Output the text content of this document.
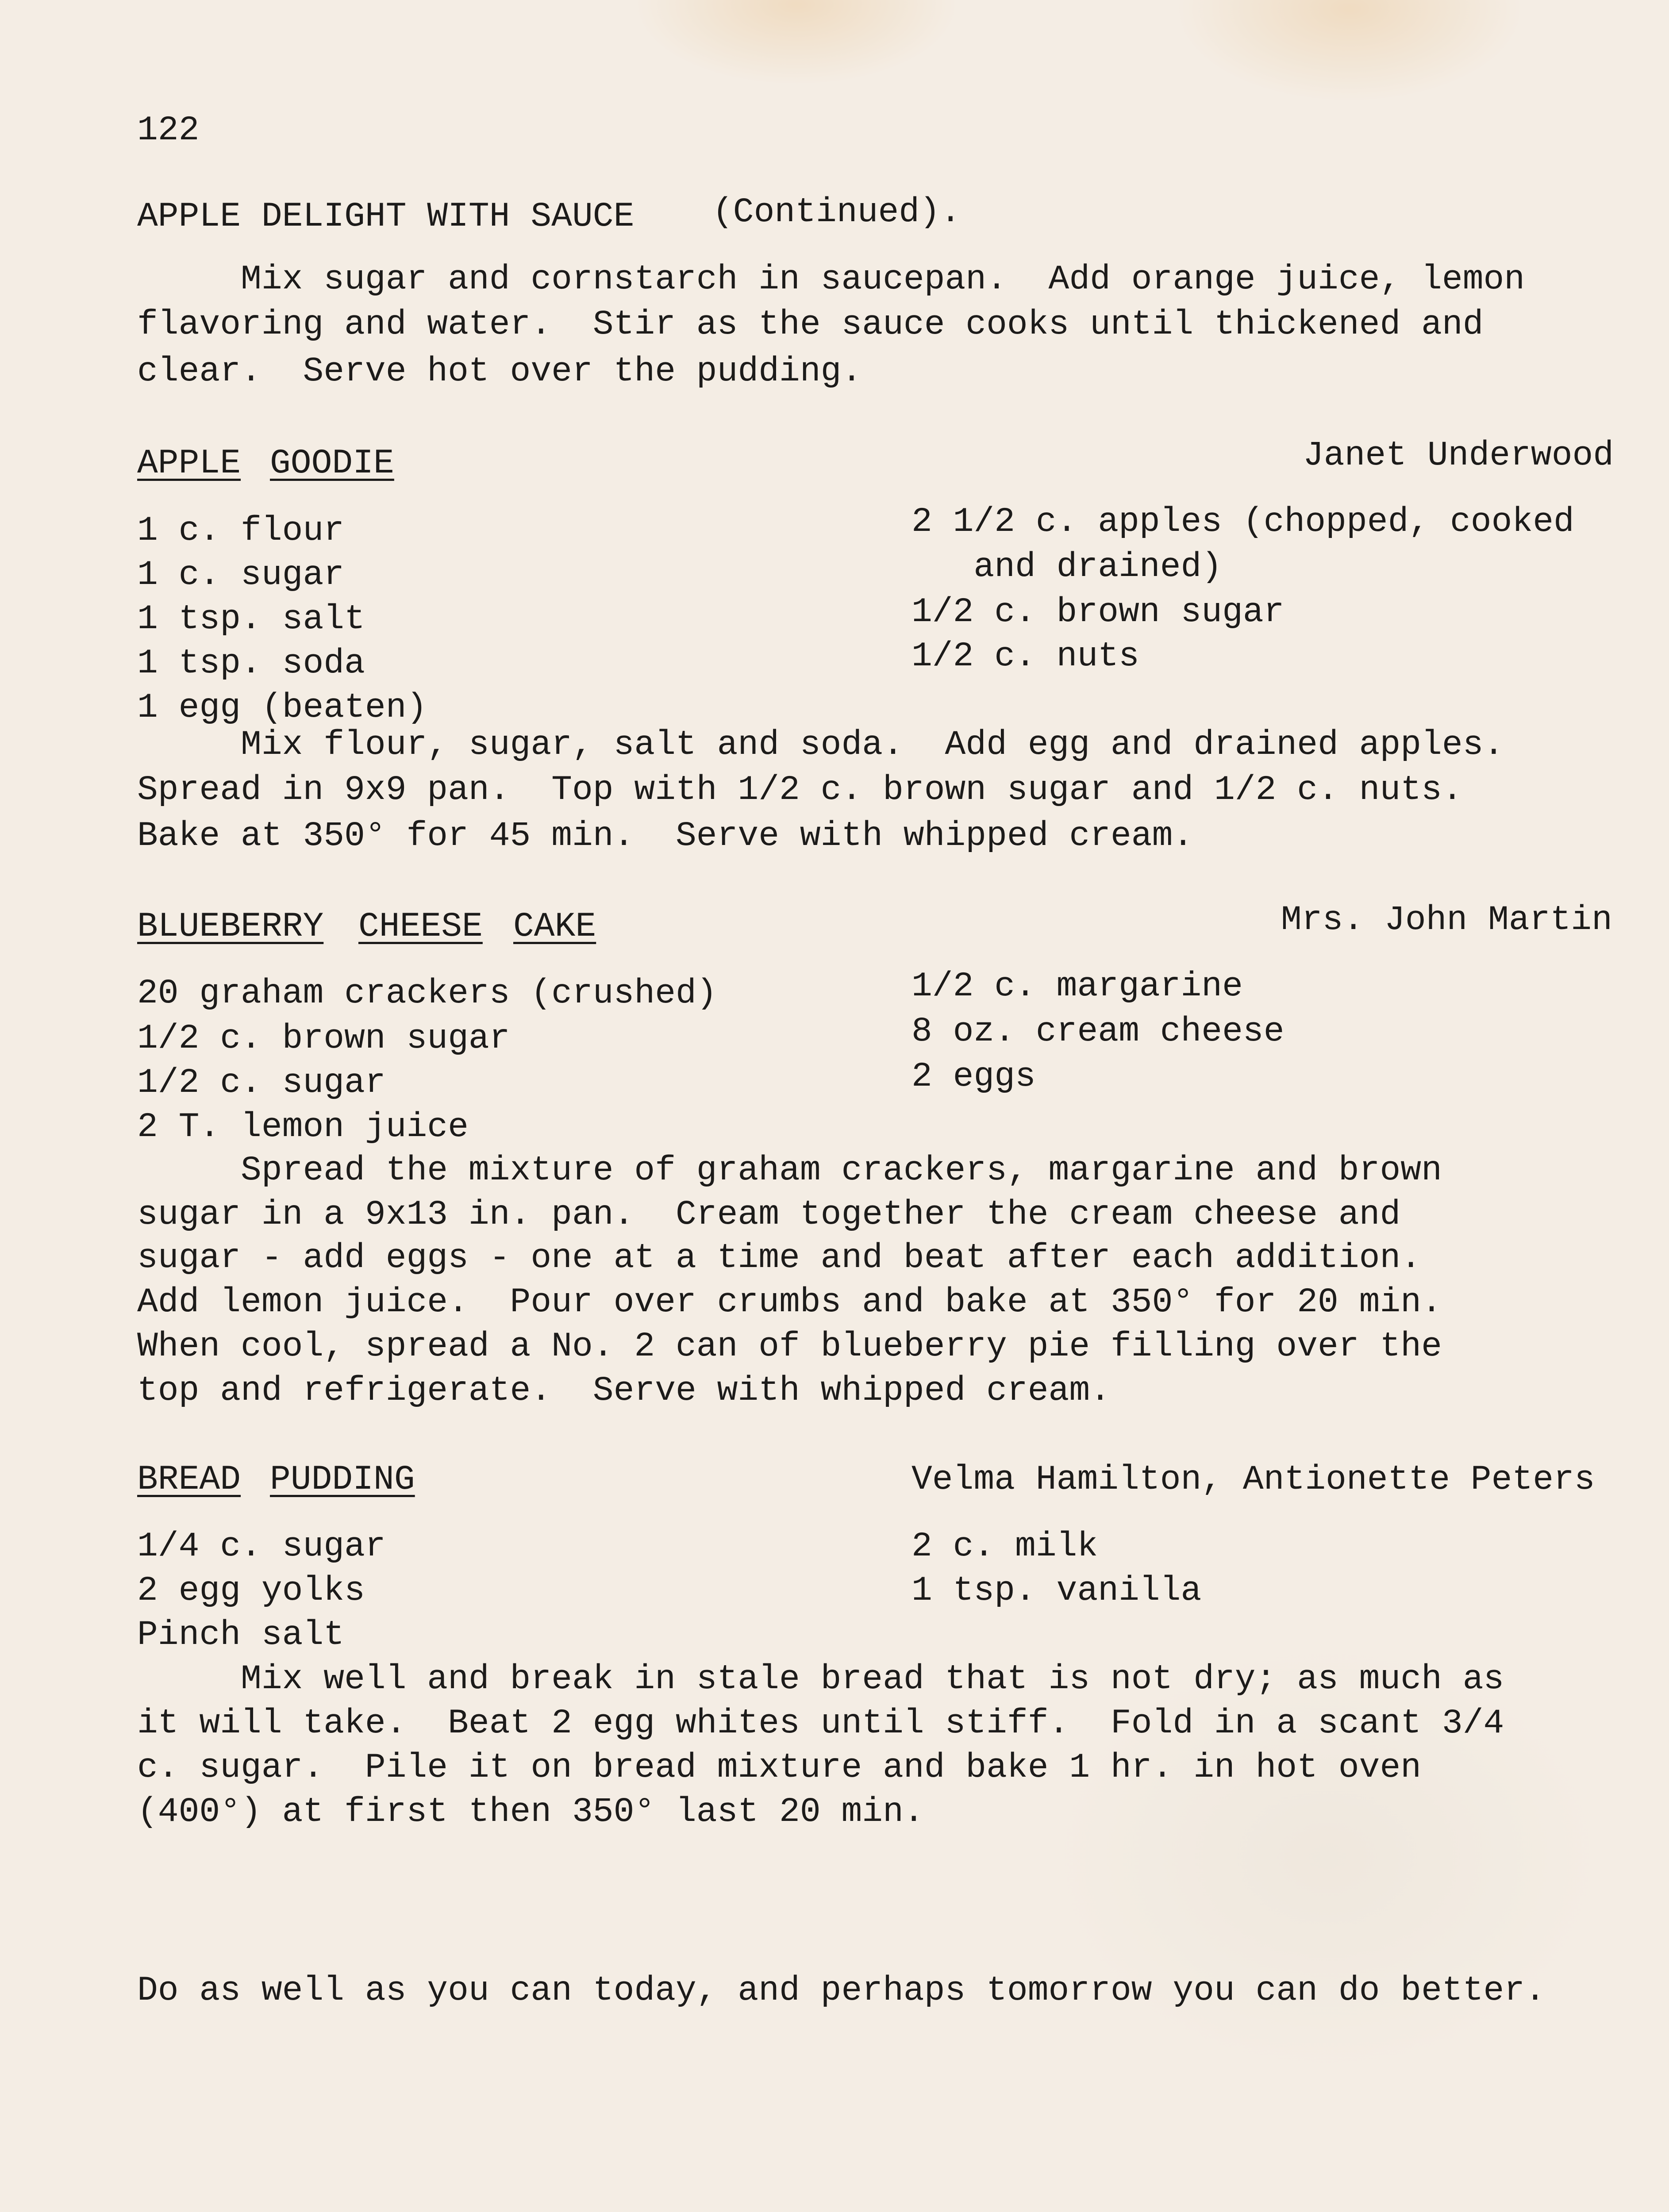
122
APPLE DELIGHT WITH SAUCE (Continued).
Mix sugar and cornstarch in saucepan.  Add orange juice, lemon
flavoring and water.  Stir as the sauce cooks until thickened and
clear.  Serve hot over the pudding.
APPLE GOODIE	Janet Underwood
1 c. flour
1 c. sugar
1 tsp. salt
1 tsp. soda
1 egg (beaten)
2 1/2 c. apples (chopped, cooked
and drained)
1/2 c. brown sugar
1/2 c. nuts
Mix flour, sugar, salt and soda.  Add egg and drained apples.
Spread in 9x9 pan.  Top with 1/2 c. brown sugar and 1/2 c. nuts.
Bake at 350° for 45 min.  Serve with whipped cream.
BLUEBERRY CHEESE CAKE	Mrs. John Martin
20 graham crackers (crushed)
1/2 c. brown sugar
1/2 c. sugar
2 T. lemon juice
1/2 c. margarine
8 oz. cream cheese
2 eggs
Spread the mixture of graham crackers, margarine and brown
sugar in a 9x13 in. pan.  Cream together the cream cheese and
sugar - add eggs - one at a time and beat after each addition.
Add lemon juice.  Pour over crumbs and bake at 350° for 20 min.
When cool, spread a No. 2 can of blueberry pie filling over the
top and refrigerate.  Serve with whipped cream.
BREAD PUDDING	Velma Hamilton, Antionette Peters
1/4 c. sugar
2 egg yolks
Pinch salt
2 c. milk
1 tsp. vanilla
Mix well and break in stale bread that is not dry; as much as
it will take.  Beat 2 egg whites until stiff.  Fold in a scant 3/4
c. sugar.  Pile it on bread mixture and bake 1 hr. in hot oven
(400°) at first then 350° last 20 min.
Do as well as you can today, and perhaps tomorrow you can do better.
